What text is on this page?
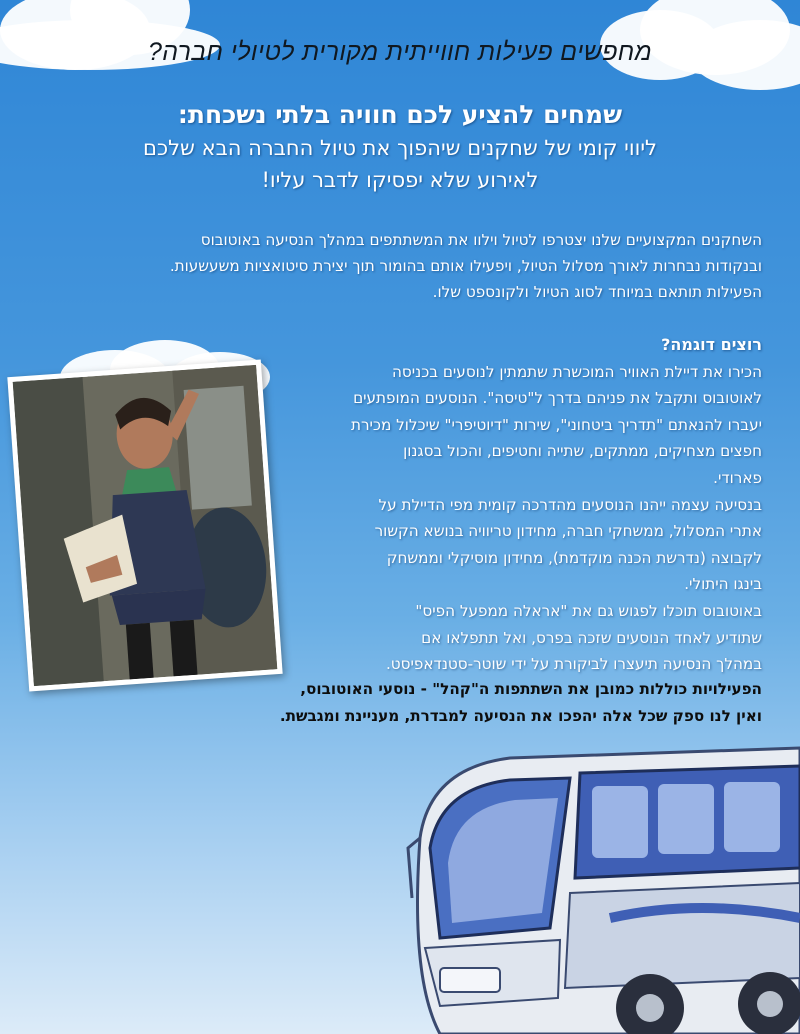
מחפשים פעילות חווייתית מקורית לטיולי חברה?
שמחים להציע לכם חוויה בלתי נשכחת:
ליווי קומי של שחקנים שיהפוך את טיול החברה הבא שלכם
לאירוע שלא יפסיקו לדבר עליו!
השחקנים המקצועיים שלנו יצטרפו לטיול וילוו את המשתתפים במהלך הנסיעה באוטובוס
ובנקודות נבחרות לאורך מסלול הטיול, ויפעילו אותם בהומור תוך יצירת סיטואציות משעשעות.
הפעילות תותאם במיוחד לסוג הטיול ולקונספט שלו.
רוצים דוגמה?
הכירו את דיילת האוויר המוכשרת שתמתין לנוסעים בכניסה
לאוטובוס ותקבל את פניהם בדרך ל"טיסה". הנוסעים המופתעים
יעברו להנאתם "תדריך ביטחוני", שירות "דיוטיפרי" שיכלול מכירת
חפצים מצחיקים, ממתקים, שתייה וחטיפים, והכול בסגנון
פארודי.
בנסיעה עצמה ייהנו הנוסעים מהדרכה קומית מפי הדיילת על
אתרי המסלול, ממשחקי חברה, מחידון טריוויה בנושא הקשור
לקבוצה (נדרשת הכנה מוקדמת), מחידון מוסיקלי וממשחק
בינגו היתולי.
באוטובוס תוכלו לפגוש גם את "אראלה ממפעל הפיס"
שתודיע לאחד הנוסעים שזכה בפרס, ואל תתפלאו אם
במהלך הנסיעה תיעצרו לביקורת על ידי שוטר-סטנדאפיסט.
הפעילויות כוללות כמובן את השתתפות ה"קהל" - נוסעי האוטובוס,
ואין לנו ספק שכל אלה יהפכו את הנסיעה למבדרת, מעניינת ומגבשת.
